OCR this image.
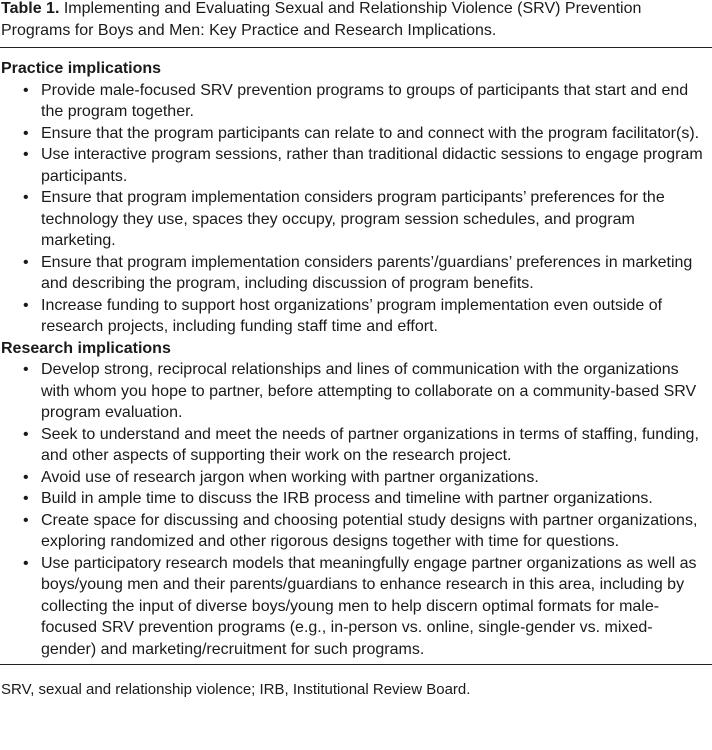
Table 1. Implementing and Evaluating Sexual and Relationship Violence (SRV) Prevention Programs for Boys and Men: Key Practice and Research Implications.
Practice implications
• Provide male-focused SRV prevention programs to groups of participants that start and end the program together.
• Ensure that the program participants can relate to and connect with the program facilitator(s).
• Use interactive program sessions, rather than traditional didactic sessions to engage program participants.
• Ensure that program implementation considers program participants’ preferences for the technology they use, spaces they occupy, program session schedules, and program marketing.
• Ensure that program implementation considers parents’/guardians’ preferences in marketing and describing the program, including discussion of program benefits.
• Increase funding to support host organizations’ program implementation even outside of research projects, including funding staff time and effort.
Research implications
• Develop strong, reciprocal relationships and lines of communication with the organizations with whom you hope to partner, before attempting to collaborate on a community-based SRV program evaluation.
• Seek to understand and meet the needs of partner organizations in terms of staffing, funding, and other aspects of supporting their work on the research project.
• Avoid use of research jargon when working with partner organizations.
• Build in ample time to discuss the IRB process and timeline with partner organizations.
• Create space for discussing and choosing potential study designs with partner organizations, exploring randomized and other rigorous designs together with time for questions.
• Use participatory research models that meaningfully engage partner organizations as well as boys/young men and their parents/guardians to enhance research in this area, including by collecting the input of diverse boys/young men to help discern optimal formats for male-focused SRV prevention programs (e.g., in-person vs. online, single-gender vs. mixed-gender) and marketing/recruitment for such programs.
SRV, sexual and relationship violence; IRB, Institutional Review Board.
